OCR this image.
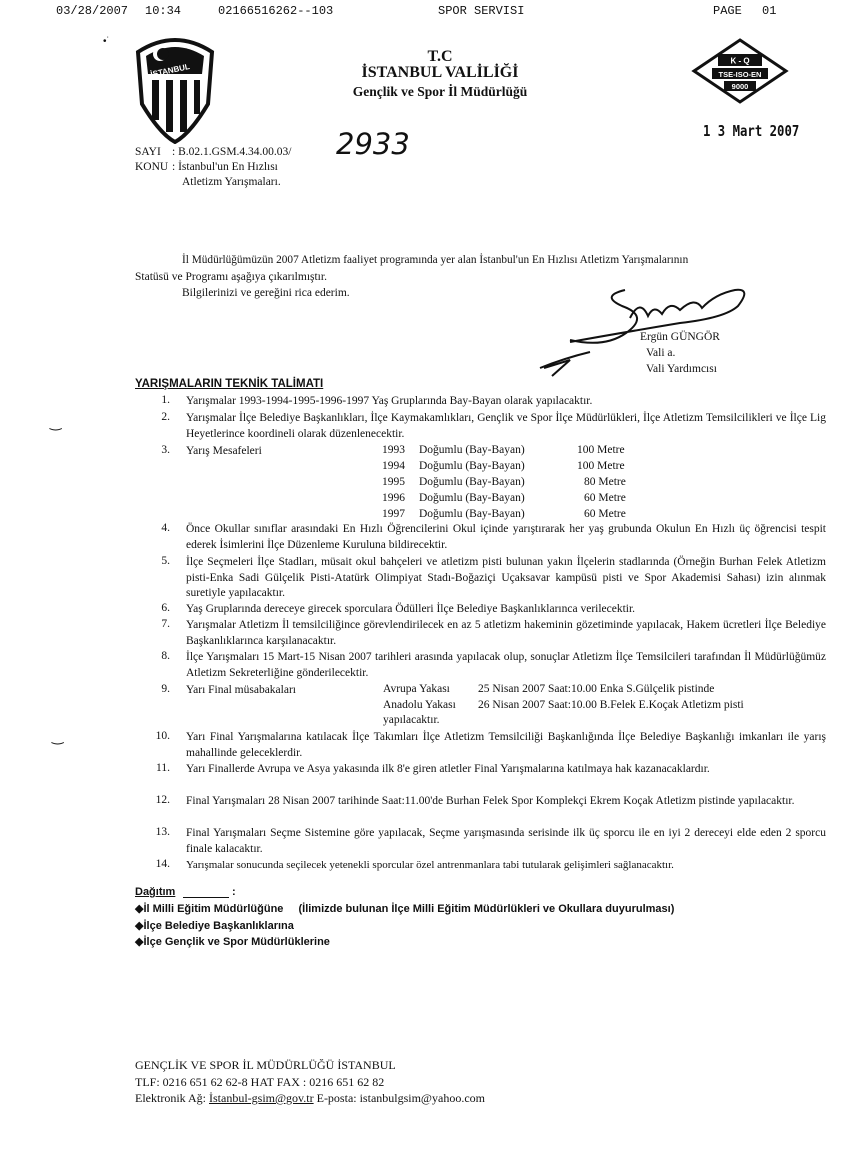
03/28/2007 10:34	02166516262--103	SPOR SERVISI	PAGE 01
İSTANBUL
T.C
İSTANBUL VALİLİĞİ
Gençlik ve Spor İl Müdürlüğü
K - Q
TSE-ISO-EN
9000
1 3 Mart 2007
SAYI : B.02.1.GSM.4.34.00.03/ 2933
KONU : İstanbul'un En Hızlısı
Atletizm Yarışmaları.
İl Müdürlüğümüzün 2007 Atletizm faaliyet programında yer alan İstanbul'un En Hızlısı Atletizm Yarışmalarının
Statüsü ve Programı aşağıya çıkarılmıştır.
Bilgilerinizi ve gereğini rica ederim.
Ergün GÜNGÖR
Vali a.
Vali Yardımcısı
YARIŞMALARIN TEKNİK TALİMATI
1. Yarışmalar 1993-1994-1995-1996-1997 Yaş Gruplarında Bay-Bayan olarak yapılacaktır.
2. Yarışmalar İlçe Belediye Başkanlıkları, İlçe Kaymakamlıkları, Gençlik ve Spor İlçe Müdürlükleri, İlçe Atletizm Temsilcilikleri ve İlçe Lig Heyetlerince koordineli olarak düzenlenecektir.
3. Yarış Mesafeleri	1993 Doğumlu (Bay-Bayan)	100 Metre
1994 Doğumlu (Bay-Bayan)	100 Metre
1995 Doğumlu (Bay-Bayan)	80 Metre
1996 Doğumlu (Bay-Bayan)	60 Metre
1997 Doğumlu (Bay-Bayan)	60 Metre
4. Önce Okullar sınıflar arasındaki En Hızlı Öğrencilerini Okul içinde yarıştırarak her yaş grubunda Okulun En Hızlı üç öğrencisi tespit ederek İsimlerini İlçe Düzenleme Kuruluna bildirecektir.
5. İlçe Seçmeleri İlçe Stadları, müsait okul bahçeleri ve atletizm pisti bulunan yakın İlçelerin stadlarında (Örneğin Burhan Felek Atletizm pisti-Enka Sadi Gülçelik Pisti-Atatürk Olimpiyat Stadı-Boğaziçi Uçaksavar kampüsü pisti ve Spor Akademisi Sahası) izin alınmak suretiyle yapılacaktır.
6. Yaş Gruplarında dereceye girecek sporculara Ödülleri İlçe Belediye Başkanlıklarınca verilecektir.
7. Yarışmalar Atletizm İl temsilciliğince görevlendirilecek en az 5 atletizm hakeminin gözetiminde yapılacak, Hakem ücretleri İlçe Belediye Başkanlıklarınca karşılanacaktır.
8. İlçe Yarışmaları 15 Mart-15 Nisan 2007 tarihleri arasında yapılacak olup, sonuçlar Atletizm İlçe Temsilcileri tarafından İl Müdürlüğümüz Atletizm Sekreterliğine gönderilecektir.
9. Yarı Final müsabakaları	Avrupa Yakası 25 Nisan 2007 Saat:10.00 Enka S.Gülçelik pistinde
Anadolu Yakası 26 Nisan 2007 Saat:10.00 B.Felek E.Koçak Atletizm pisti
yapılacaktır.
10. Yarı Final Yarışmalarına katılacak İlçe Takımları İlçe Atletizm Temsilciliği Başkanlığında İlçe Belediye Başkanlığı imkanları ile yarış mahallinde geleceklerdir.
11. Yarı Finallerde Avrupa ve Asya yakasında ilk 8'e giren atletler Final Yarışmalarına katılmaya hak kazanacaklardır.
12. Final Yarışmaları 28 Nisan 2007 tarihinde Saat:11.00'de Burhan Felek Spor Komplekçi Ekrem Koçak Atletizm pistinde yapılacaktır.
13. Final Yarışmaları Seçme Sistemine göre yapılacak, Seçme yarışmasında serisinde ilk üç sporcu ile en iyi 2 dereceyi elde eden 2 sporcu finale kalacaktır.
14. Yarışmalar sonucunda seçilecek yetenekli sporcular özel antrenmanlara tabi tutularak gelişimleri sağlanacaktır.
Dağıtım	:
◆İl Milli Eğitim Müdürlüğüne (İlimizde bulunan İlçe Milli Eğitim Müdürlükleri ve Okullara duyurulması)
◆İlçe Belediye Başkanlıklarına
◆İlçe Gençlik ve Spor Müdürlüklerine
GENÇLİK VE SPOR İL MÜDÜRLÜĞÜ İSTANBUL
TLF: 0216 651 62 62-8 HAT FAX : 0216 651 62 82
Elektronik Ağ: İstanbul-gsim@gov.tr E-posta: istanbulgsim@yahoo.com
‿
‿
•˙
